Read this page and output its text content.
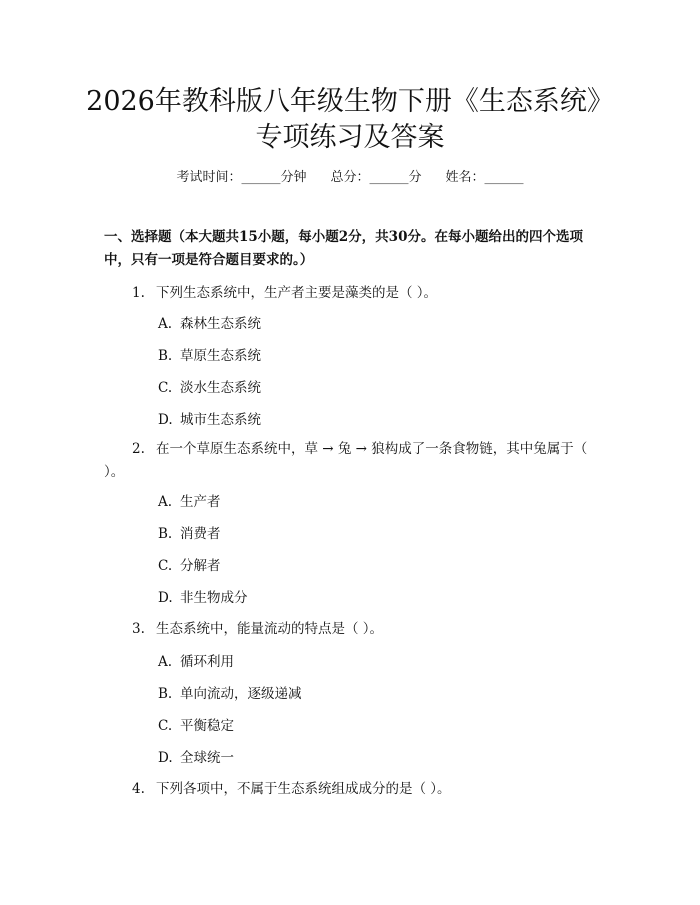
2026年教科版八年级生物下册《生态系统》
专项练习及答案
考试时间：______分钟 总分：______分 姓名：______

一、选择题（本大题共15小题，每小题2分，共30分。在每小题给出的四个选项中，只有一项是符合题目要求的。）

1. 下列生态系统中，生产者主要是藻类的是（ ）。
A. 森林生态系统
B. 草原生态系统
C. 淡水生态系统
D. 城市生态系统
2. 在一个草原生态系统中，草 → 兔 → 狼构成了一条食物链，其中兔属于（ ）。
A. 生产者
B. 消费者
C. 分解者
D. 非生物成分
3. 生态系统中，能量流动的特点是（ ）。
A. 循环利用
B. 单向流动，逐级递减
C. 平衡稳定
D. 全球统一
4. 下列各项中，不属于生态系统组成成分的是（ ）。
